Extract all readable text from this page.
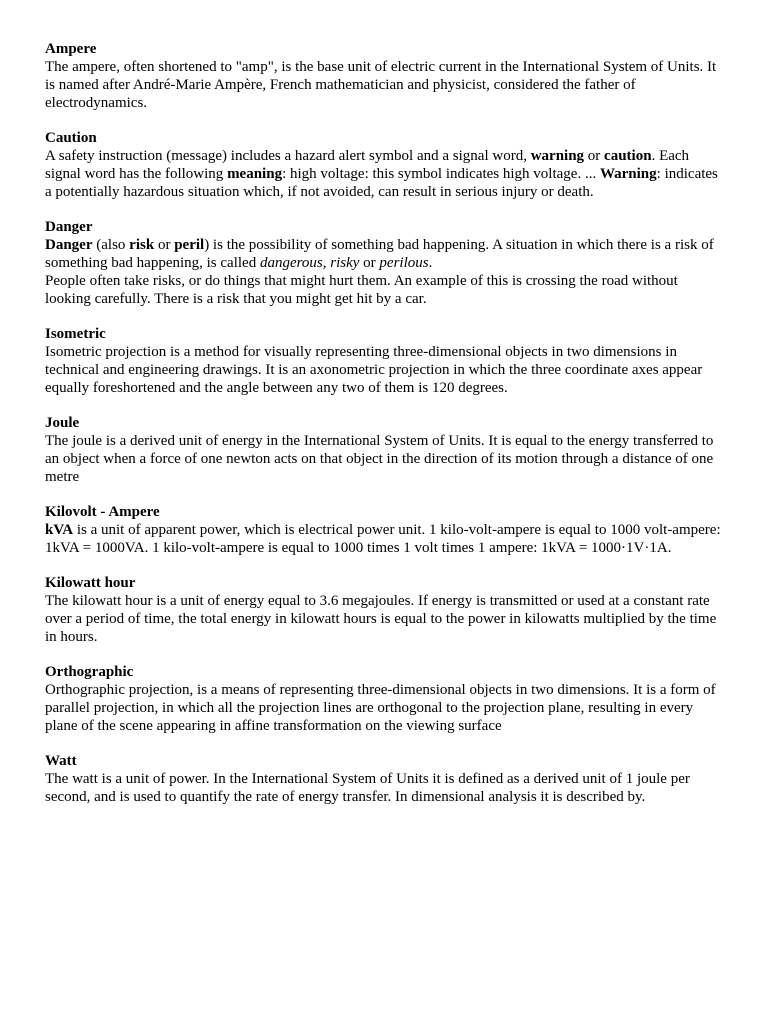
Ampere
The ampere, often shortened to "amp", is the base unit of electric current in the International System of Units. It is named after André-Marie Ampère, French mathematician and physicist, considered the father of electrodynamics.
Caution
A safety instruction (message) includes a hazard alert symbol and a signal word, warning or caution. Each signal word has the following meaning: high voltage: this symbol indicates high voltage. ... Warning: indicates a potentially hazardous situation which, if not avoided, can result in serious injury or death.
Danger
Danger (also risk or peril) is the possibility of something bad happening. A situation in which there is a risk of something bad happening, is called dangerous, risky or perilous.
People often take risks, or do things that might hurt them. An example of this is crossing the road without looking carefully. There is a risk that you might get hit by a car.
Isometric
Isometric projection is a method for visually representing three-dimensional objects in two dimensions in technical and engineering drawings. It is an axonometric projection in which the three coordinate axes appear equally foreshortened and the angle between any two of them is 120 degrees.
Joule
The joule is a derived unit of energy in the International System of Units. It is equal to the energy transferred to an object when a force of one newton acts on that object in the direction of its motion through a distance of one metre
Kilovolt - Ampere
kVA is a unit of apparent power, which is electrical power unit. 1 kilo-volt-ampere is equal to 1000 volt-ampere: 1kVA = 1000VA. 1 kilo-volt-ampere is equal to 1000 times 1 volt times 1 ampere: 1kVA = 1000·1V·1A.
Kilowatt hour
The kilowatt hour is a unit of energy equal to 3.6 megajoules. If energy is transmitted or used at a constant rate over a period of time, the total energy in kilowatt hours is equal to the power in kilowatts multiplied by the time in hours.
Orthographic
Orthographic projection, is a means of representing three-dimensional objects in two dimensions. It is a form of parallel projection, in which all the projection lines are orthogonal to the projection plane, resulting in every plane of the scene appearing in affine transformation on the viewing surface
Watt
The watt is a unit of power. In the International System of Units it is defined as a derived unit of 1 joule per second, and is used to quantify the rate of energy transfer. In dimensional analysis it is described by.
